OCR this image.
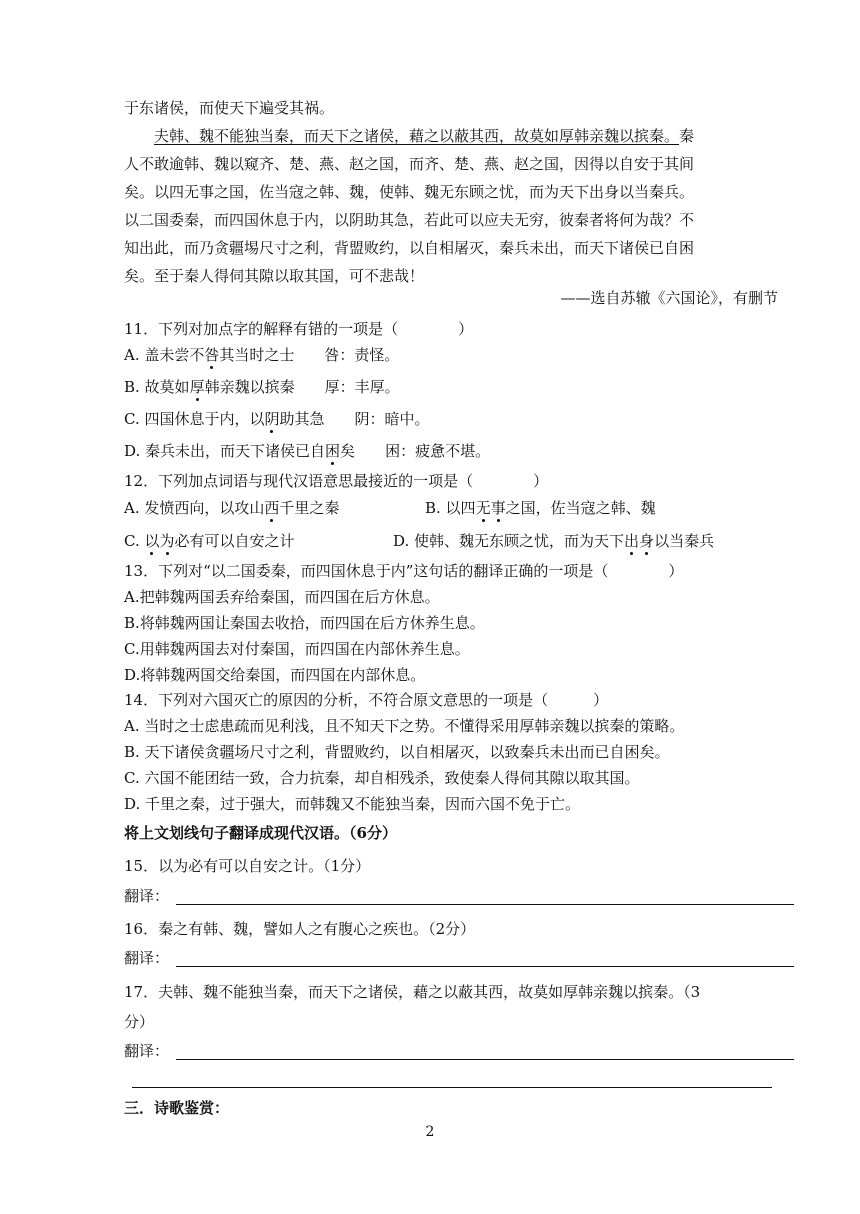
于东诸侯，而使天下遍受其祸。
夫韩、魏不能独当秦，而天下之诸侯，藉之以蔽其西，故莫如厚韩亲魏以摈秦。秦
人不敢逾韩、魏以窥齐、楚、燕、赵之国，而齐、楚、燕、赵之国，因得以自安于其间
矣。以四无事之国，佐当寇之韩、魏，使韩、魏无东顾之忧，而为天下出身以当秦兵。
以二国委秦，而四国休息于内，以阴助其急，若此可以应夫无穷，彼秦者将何为哉？不
知出此，而乃贪疆埸尺寸之利，背盟败约，以自相屠灭，秦兵未出，而天下诸侯已自困
矣。至于秦人得伺其隙以取其国，可不悲哉！
——选自苏辙《六国论》，有删节
11．下列对加点字的解释有错的一项是（　　　　）
A. 盖未尝不咎其当时之士 咎：责怪。
B. 故莫如厚韩亲魏以摈秦 厚：丰厚。
C. 四国休息于内，以阴助其急 阴：暗中。
D. 秦兵未出，而天下诸侯已自困矣 困：疲惫不堪。
12．下列加点词语与现代汉语意思最接近的一项是（　　　　）
A. 发愤西向，以攻山西千里之秦	B. 以四无事之国，佐当寇之韩、魏
C. 以为必有可以自安之计	D. 使韩、魏无东顾之忧，而为天下出身以当秦兵
13．下列对“以二国委秦，而四国休息于内”这句话的翻译正确的一项是（　　　　）
A.把韩魏两国丢弃给秦国，而四国在后方休息。
B.将韩魏两国让秦国去收拾，而四国在后方休养生息。
C.用韩魏两国去对付秦国，而四国在内部休养生息。
D.将韩魏两国交给秦国，而四国在内部休息。
14．下列对六国灭亡的原因的分析，不符合原文意思的一项是（　　　）
A. 当时之士虑患疏而见利浅，且不知天下之势。不懂得采用厚韩亲魏以摈秦的策略。
B. 天下诸侯贪疆场尺寸之利，背盟败约，以自相屠灭，以致秦兵未出而已自困矣。
C. 六国不能团结一致，合力抗秦，却自相残杀，致使秦人得伺其隙以取其国。
D. 千里之秦，过于强大，而韩魏又不能独当秦，因而六国不免于亡。
将上文划线句子翻译成现代汉语。（6分）
15．以为必有可以自安之计。（1分）
翻译：
16．秦之有韩、魏，譬如人之有腹心之疾也。（2分）
翻译：
17．夫韩、魏不能独当秦，而天下之诸侯，藉之以蔽其西，故莫如厚韩亲魏以摈秦。（3
分）
翻译：
三．诗歌鉴赏：
2
